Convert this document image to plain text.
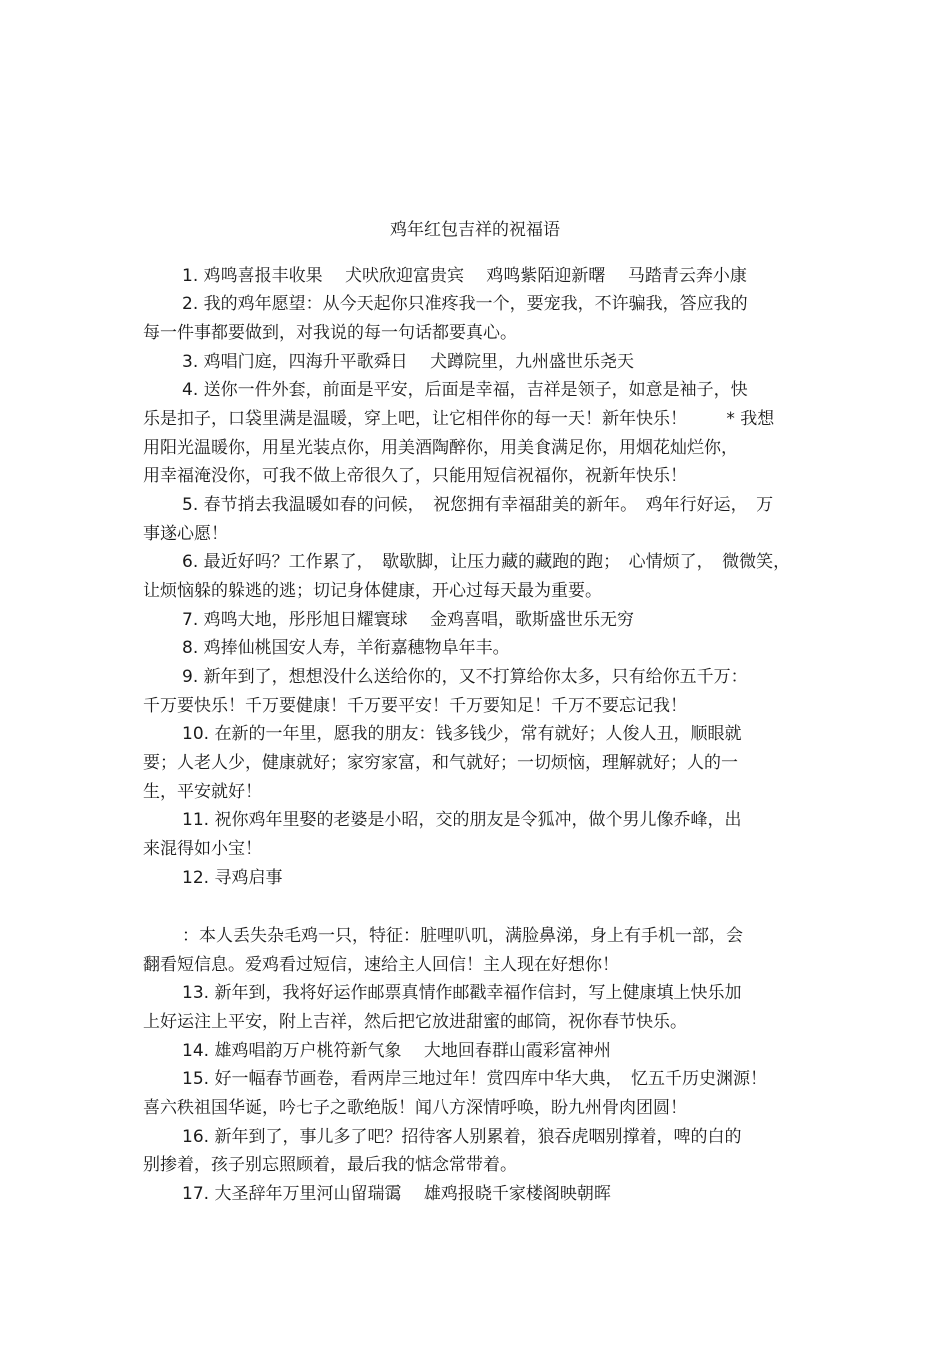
鸡年红包吉祥的祝福语
1. 鸡鸣喜报丰收果　 犬吠欣迎富贵宾　 鸡鸣紫陌迎新曙　 马踏青云奔小康
2. 我的鸡年愿望：从今天起你只准疼我一个，要宠我，不许骗我，答应我的
每一件事都要做到，对我说的每一句话都要真心。
3. 鸡唱门庭，四海升平歌舜日　 犬蹲院里，九州盛世乐尧天
4. 送你一件外套，前面是平安，后面是幸福，吉祥是领子，如意是袖子，快
乐是扣子，口袋里满是温暖，穿上吧，让它相伴你的每一天！新年快乐！　　 * 我想
用阳光温暖你，用星光装点你，用美酒陶醉你，用美食满足你，用烟花灿烂你，
用幸福淹没你，可我不做上帝很久了，只能用短信祝福你，祝新年快乐！
5. 春节捎去我温暖如春的问候，　祝您拥有幸福甜美的新年。　鸡年行好运，　万
事遂心愿！
6. 最近好吗？工作累了，　歇歇脚，让压力藏的藏跑的跑；　心情烦了，　微微笑，
让烦恼躲的躲逃的逃；切记身体健康，开心过每天最为重要。
7. 鸡鸣大地，彤彤旭日耀寰球　 金鸡喜唱，歌斯盛世乐无穷
8. 鸡捧仙桃国安人寿，羊衔嘉穗物阜年丰。
9. 新年到了，想想没什么送给你的，又不打算给你太多，只有给你五千万：
千万要快乐！千万要健康！千万要平安！千万要知足！千万不要忘记我！
10. 在新的一年里，愿我的朋友：钱多钱少，常有就好；人俊人丑，顺眼就
要；人老人少，健康就好；家穷家富，和气就好；一切烦恼，理解就好；人的一
生，平安就好！
11. 祝你鸡年里娶的老婆是小昭，交的朋友是令狐冲，做个男儿像乔峰，出
来混得如小宝！
12. 寻鸡启事
：本人丢失杂毛鸡一只，特征：脏哩叭叽，满脸鼻涕，身上有手机一部，会
翻看短信息。爱鸡看过短信，速给主人回信！主人现在好想你！
13. 新年到，我将好运作邮票真情作邮戳幸福作信封，写上健康填上快乐加
上好运注上平安，附上吉祥，然后把它放进甜蜜的邮筒，祝你春节快乐。
14. 雄鸡唱韵万户桃符新气象　 大地回春群山霞彩富神州
15. 好一幅春节画卷，看两岸三地过年！赏四库中华大典，　忆五千历史渊源！
喜六秩祖国华诞，吟七子之歌绝版！闻八方深情呼唤，盼九州骨肉团圆！
16. 新年到了，事儿多了吧？招待客人别累着，狼吞虎咽别撑着，啤的白的
别掺着，孩子别忘照顾着，最后我的惦念常带着。
17. 大圣辞年万里河山留瑞霭　 雄鸡报晓千家楼阁映朝晖
